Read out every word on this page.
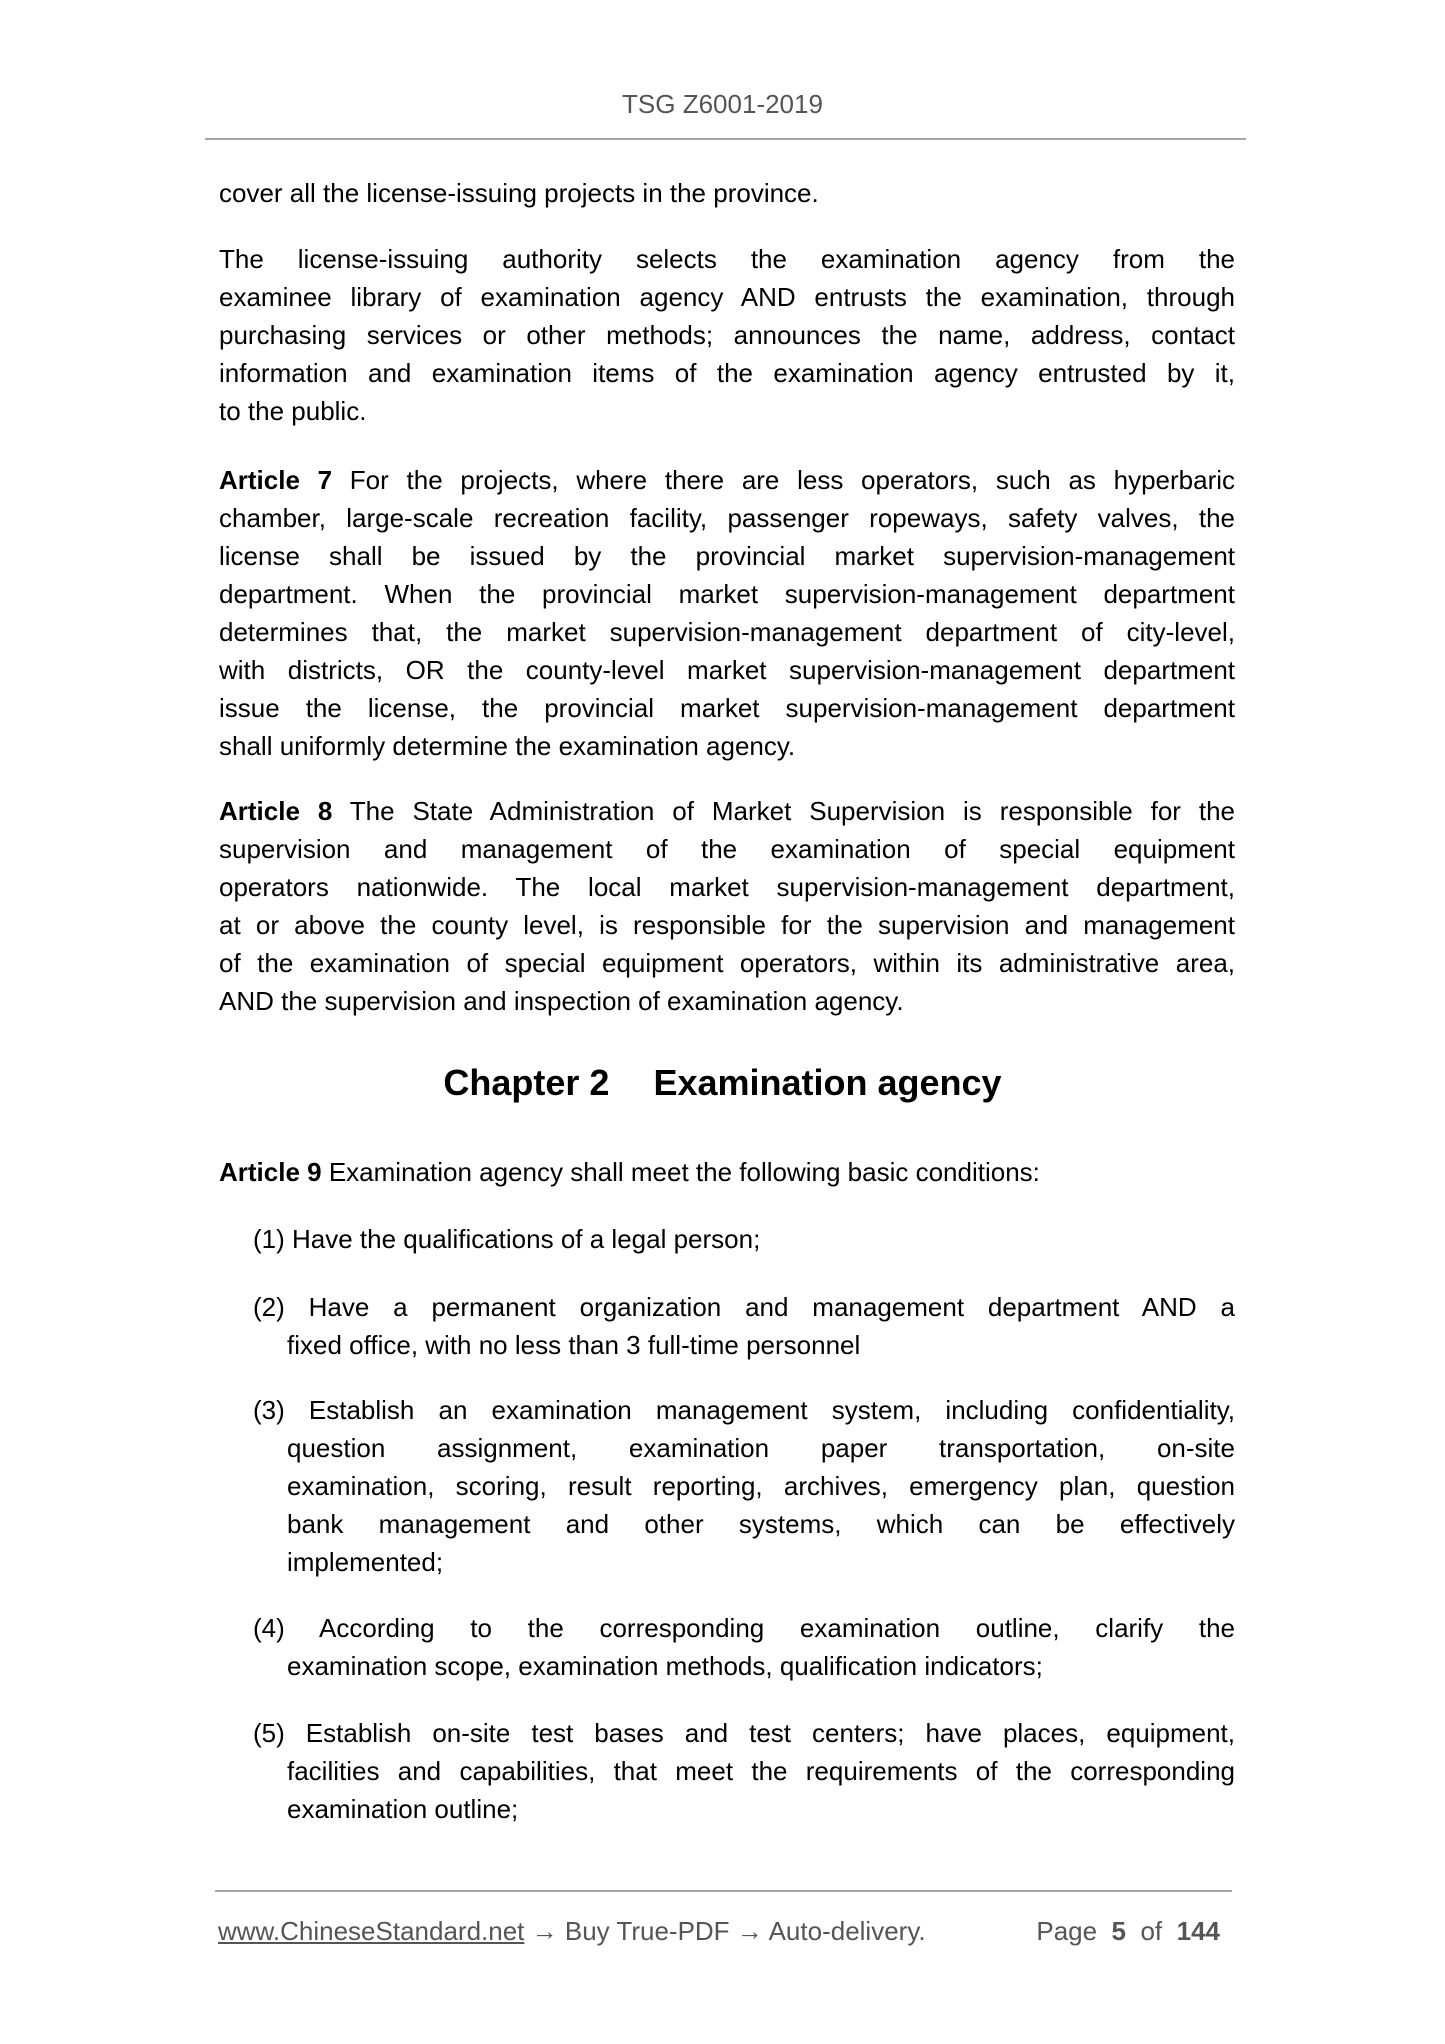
TSG Z6001-2019
cover all the license-issuing projects in the province.
The license-issuing authority selects the examination agency from the
examinee library of examination agency AND entrusts the examination, through
purchasing services or other methods; announces the name, address, contact
information and examination items of the examination agency entrusted by it,
to the public.
Article 7 For the projects, where there are less operators, such as hyperbaric
chamber, large-scale recreation facility, passenger ropeways, safety valves, the
license shall be issued by the provincial market supervision-management
department. When the provincial market supervision-management department
determines that, the market supervision-management department of city-level,
with districts, OR the county-level market supervision-management department
issue the license, the provincial market supervision-management department
shall uniformly determine the examination agency.
Article 8 The State Administration of Market Supervision is responsible for the
supervision and management of the examination of special equipment
operators nationwide. The local market supervision-management department,
at or above the county level, is responsible for the supervision and management
of the examination of special equipment operators, within its administrative area,
AND the supervision and inspection of examination agency.
Chapter 2 Examination agency
Article 9 Examination agency shall meet the following basic conditions:
(1) Have the qualifications of a legal person;
(2) Have a permanent organization and management department AND a
fixed office, with no less than 3 full-time personnel
(3) Establish an examination management system, including confidentiality,
question assignment, examination paper transportation, on-site
examination, scoring, result reporting, archives, emergency plan, question
bank management and other systems, which can be effectively
implemented;
(4) According to the corresponding examination outline, clarify the
examination scope, examination methods, qualification indicators;
(5) Establish on-site test bases and test centers; have places, equipment,
facilities and capabilities, that meet the requirements of the corresponding
examination outline;
www.ChineseStandard.net → Buy True-PDF → Auto-delivery.	Page 5 of 144
